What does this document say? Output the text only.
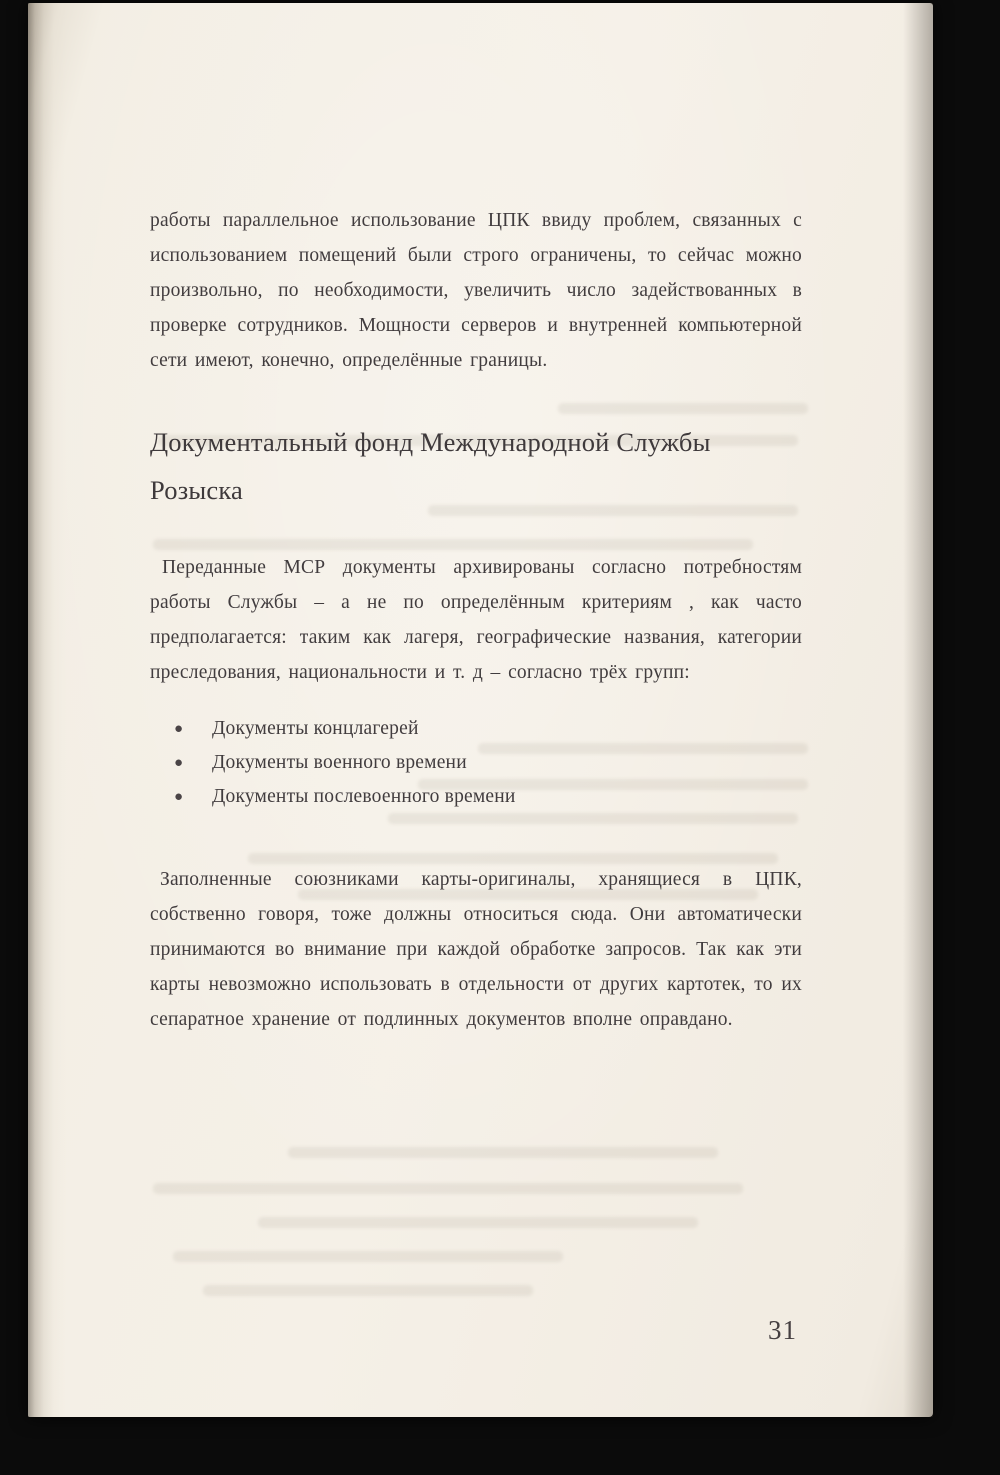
работы параллельное использование ЦПК ввиду проблем, связанных с использованием помещений были строго ограничены, то сейчас можно произвольно, по необходимости, увеличить число задействованных в проверке сотрудников. Мощности серверов и внутренней компьютерной сети имеют, конечно, определённые границы.

Документальный фонд Международной Службы Розыска

Переданные МСР документы архивированы согласно потребностям работы Службы – а не по определённым критериям , как часто предполагается: таким как лагеря, географические названия, категории преследования, национальности и т. д – согласно трёх групп:

●	Документы концлагерей
●	Документы военного времени
●	Документы послевоенного времени

Заполненные союзниками карты-оригиналы, хранящиеся в ЦПК, собственно говоря, тоже должны относиться сюда. Они автоматически принимаются во внимание при каждой обработке запросов. Так как эти карты невозможно использовать в отдельности от других картотек, то их сепаратное хранение от подлинных документов вполне оправдано.

31
